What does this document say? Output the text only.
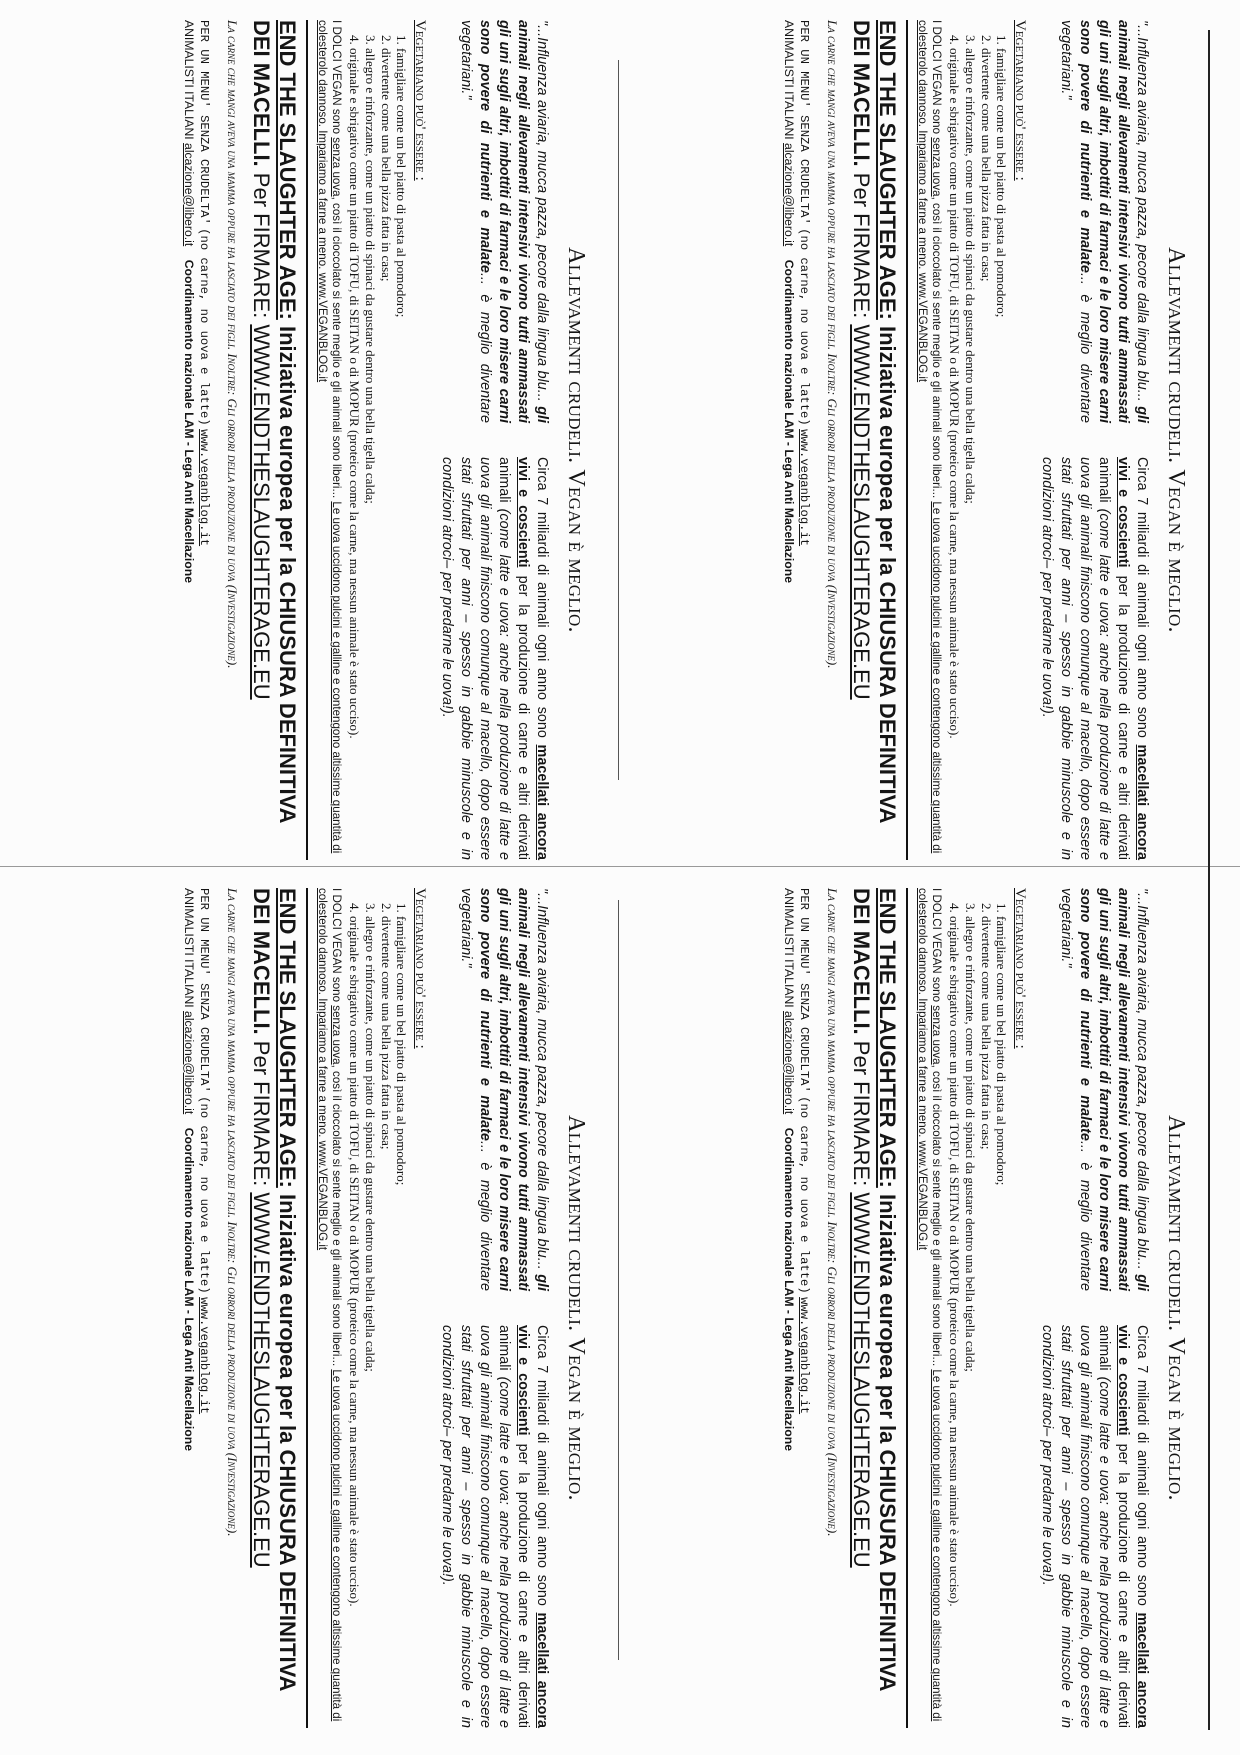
Allevamenti crudeli. Vegan è meglio.
"...Influenza aviaria, mucca pazza, pecore dalla lingua blu... gli animali negli allevamenti intensivi vivono tutti ammassati gli uni sugli altri, imbottiti di farmaci e le loro misere carni sono povere di nutrienti e malate... è meglio diventare vegetariani."
Circa 7 miliardi di animali ogni anno sono macellati ancora vivi e coscienti per la produzione di carne e altri derivati animali (come latte e uova: anche nella produzione di latte e uova gli animali finiscono comunque al macello, dopo essere stati sfruttati per anni – spesso in gabbie minuscole e in condizioni atroci– per predarne le uova!).
Vegetariano può' essere :
1. famigliare come un bel piatto di pasta al pomodoro;
2. divertente come una bella pizza fatta in casa;
3. allegro e rinforzante, come un piatto di spinaci da gustare dentro una bella tigella calda;
4. originale e sbrigativo come un piatto di TOFU, di SEITAN o di MOPUR (proteico come la carne, ma nessun animale è stato ucciso).
I DOLCI VEGAN sono senza uova, così il cioccolato si sente meglio e gli animali sono liberi... Le uova uccidono pulcini e galline e contengono altissime quantità di colesterolo dannoso. Impariamo a farne a meno. www.VEGANBLOG.it
END THE SLAUGHTER AGE: Iniziativa europea per la CHIUSURA DEFINITIVA DEI MACELLI. Per FIRMARE: WWW.ENDTHESLAUGHTERAGE.EU
La carne che mangi aveva una mamma oppure ha lasciato dei figli. Inoltre: Gli orrori della produzione di uova (Investigazione).
PER UN MENU' SENZA CRUDELTA' (no carne, no uova e latte) www.veganblog.it
ANIMALISTI ITALIANI alcazione@libero.it    Coordinamento nazionale LAM - Lega Anti Macellazione
Allevamenti crudeli. Vegan è meglio.
"...Influenza aviaria, mucca pazza, pecore dalla lingua blu... gli animali negli allevamenti intensivi vivono tutti ammassati gli uni sugli altri, imbottiti di farmaci e le loro misere carni sono povere di nutrienti e malate... è meglio diventare vegetariani."
Circa 7 miliardi di animali ogni anno sono macellati ancora vivi e coscienti per la produzione di carne e altri derivati animali (come latte e uova: anche nella produzione di latte e uova gli animali finiscono comunque al macello, dopo essere stati sfruttati per anni – spesso in gabbie minuscole e in condizioni atroci– per predarne le uova!).
Vegetariano può' essere :
1. famigliare come un bel piatto di pasta al pomodoro;
2. divertente come una bella pizza fatta in casa;
3. allegro e rinforzante, come un piatto di spinaci da gustare dentro una bella tigella calda;
4. originale e sbrigativo come un piatto di TOFU, di SEITAN o di MOPUR (proteico come la carne, ma nessun animale è stato ucciso).
I DOLCI VEGAN sono senza uova, così il cioccolato si sente meglio e gli animali sono liberi... Le uova uccidono pulcini e galline e contengono altissime quantità di colesterolo dannoso. Impariamo a farne a meno. www.VEGANBLOG.it
END THE SLAUGHTER AGE: Iniziativa europea per la CHIUSURA DEFINITIVA DEI MACELLI. Per FIRMARE: WWW.ENDTHESLAUGHTERAGE.EU
La carne che mangi aveva una mamma oppure ha lasciato dei figli. Inoltre: Gli orrori della produzione di uova (Investigazione).
PER UN MENU' SENZA CRUDELTA' (no carne, no uova e latte) www.veganblog.it
ANIMALISTI ITALIANI alcazione@libero.it    Coordinamento nazionale LAM - Lega Anti Macellazione
Allevamenti crudeli. Vegan è meglio.
"...Influenza aviaria, mucca pazza, pecore dalla lingua blu... gli animali negli allevamenti intensivi vivono tutti ammassati gli uni sugli altri, imbottiti di farmaci e le loro misere carni sono povere di nutrienti e malate... è meglio diventare vegetariani."
Circa 7 miliardi di animali ogni anno sono macellati ancora vivi e coscienti per la produzione di carne e altri derivati animali (come latte e uova: anche nella produzione di latte e uova gli animali finiscono comunque al macello, dopo essere stati sfruttati per anni – spesso in gabbie minuscole e in condizioni atroci– per predarne le uova!).
Vegetariano può' essere :
1. famigliare come un bel piatto di pasta al pomodoro;
2. divertente come una bella pizza fatta in casa;
3. allegro e rinforzante, come un piatto di spinaci da gustare dentro una bella tigella calda;
4. originale e sbrigativo come un piatto di TOFU, di SEITAN o di MOPUR (proteico come la carne, ma nessun animale è stato ucciso).
I DOLCI VEGAN sono senza uova, così il cioccolato si sente meglio e gli animali sono liberi... Le uova uccidono pulcini e galline e contengono altissime quantità di colesterolo dannoso. Impariamo a farne a meno. www.VEGANBLOG.it
END THE SLAUGHTER AGE: Iniziativa europea per la CHIUSURA DEFINITIVA DEI MACELLI. Per FIRMARE: WWW.ENDTHESLAUGHTERAGE.EU
La carne che mangi aveva una mamma oppure ha lasciato dei figli. Inoltre: Gli orrori della produzione di uova (Investigazione).
PER UN MENU' SENZA CRUDELTA' (no carne, no uova e latte) www.veganblog.it
ANIMALISTI ITALIANI alcazione@libero.it    Coordinamento nazionale LAM - Lega Anti Macellazione
Allevamenti crudeli. Vegan è meglio.
"...Influenza aviaria, mucca pazza, pecore dalla lingua blu... gli animali negli allevamenti intensivi vivono tutti ammassati gli uni sugli altri, imbottiti di farmaci e le loro misere carni sono povere di nutrienti e malate... è meglio diventare vegetariani."
Circa 7 miliardi di animali ogni anno sono macellati ancora vivi e coscienti per la produzione di carne e altri derivati animali (come latte e uova: anche nella produzione di latte e uova gli animali finiscono comunque al macello, dopo essere stati sfruttati per anni – spesso in gabbie minuscole e in condizioni atroci– per predarne le uova!).
Vegetariano può' essere :
1. famigliare come un bel piatto di pasta al pomodoro;
2. divertente come una bella pizza fatta in casa;
3. allegro e rinforzante, come un piatto di spinaci da gustare dentro una bella tigella calda;
4. originale e sbrigativo come un piatto di TOFU, di SEITAN o di MOPUR (proteico come la carne, ma nessun animale è stato ucciso).
I DOLCI VEGAN sono senza uova, così il cioccolato si sente meglio e gli animali sono liberi... Le uova uccidono pulcini e galline e contengono altissime quantità di colesterolo dannoso. Impariamo a farne a meno. www.VEGANBLOG.it
END THE SLAUGHTER AGE: Iniziativa europea per la CHIUSURA DEFINITIVA DEI MACELLI. Per FIRMARE: WWW.ENDTHESLAUGHTERAGE.EU
La carne che mangi aveva una mamma oppure ha lasciato dei figli. Inoltre: Gli orrori della produzione di uova (Investigazione).
PER UN MENU' SENZA CRUDELTA' (no carne, no uova e latte) www.veganblog.it
ANIMALISTI ITALIANI alcazione@libero.it    Coordinamento nazionale LAM - Lega Anti Macellazione
